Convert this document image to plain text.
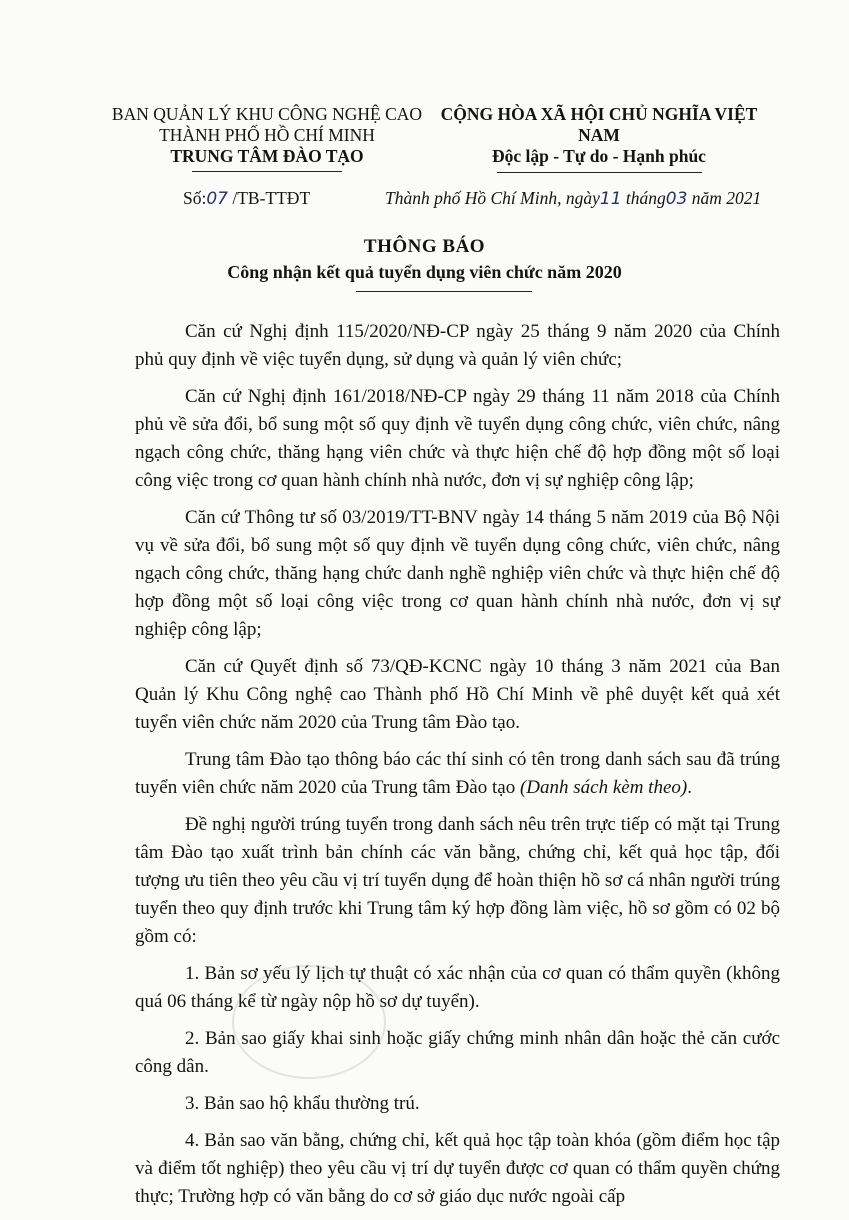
BAN QUẢN LÝ KHU CÔNG NGHỆ CAO
THÀNH PHỐ HỒ CHÍ MINH
TRUNG TÂM ĐÀO TẠO
CỘNG HÒA XÃ HỘI CHỦ NGHĨA VIỆT NAM
Độc lập - Tự do - Hạnh phúc
Số:07 /TB-TTĐT	Thành phố Hồ Chí Minh, ngày11 tháng03 năm 2021
THÔNG BÁO
Công nhận kết quả tuyển dụng viên chức năm 2020

Căn cứ Nghị định 115/2020/NĐ-CP ngày 25 tháng 9 năm 2020 của Chính phủ quy định về việc tuyển dụng, sử dụng và quản lý viên chức;

Căn cứ Nghị định 161/2018/NĐ-CP ngày 29 tháng 11 năm 2018 của Chính phủ về sửa đổi, bổ sung một số quy định về tuyển dụng công chức, viên chức, nâng ngạch công chức, thăng hạng viên chức và thực hiện chế độ hợp đồng một số loại công việc trong cơ quan hành chính nhà nước, đơn vị sự nghiệp công lập;

Căn cứ Thông tư số 03/2019/TT-BNV ngày 14 tháng 5 năm 2019 của Bộ Nội vụ về sửa đổi, bổ sung một số quy định về tuyển dụng công chức, viên chức, nâng ngạch công chức, thăng hạng chức danh nghề nghiệp viên chức và thực hiện chế độ hợp đồng một số loại công việc trong cơ quan hành chính nhà nước, đơn vị sự nghiệp công lập;

Căn cứ Quyết định số 73/QĐ-KCNC ngày 10 tháng 3 năm 2021 của Ban Quản lý Khu Công nghệ cao Thành phố Hồ Chí Minh về phê duyệt kết quả xét tuyển viên chức năm 2020 của Trung tâm Đào tạo.

Trung tâm Đào tạo thông báo các thí sinh có tên trong danh sách sau đã trúng tuyển viên chức năm 2020 của Trung tâm Đào tạo (Danh sách kèm theo).

Đề nghị người trúng tuyển trong danh sách nêu trên trực tiếp có mặt tại Trung tâm Đào tạo xuất trình bản chính các văn bằng, chứng chỉ, kết quả học tập, đối tượng ưu tiên theo yêu cầu vị trí tuyển dụng để hoàn thiện hồ sơ cá nhân người trúng tuyển theo quy định trước khi Trung tâm ký hợp đồng làm việc, hồ sơ gồm có 02 bộ gồm có:

1. Bản sơ yếu lý lịch tự thuật có xác nhận của cơ quan có thẩm quyền (không quá 06 tháng kể từ ngày nộp hồ sơ dự tuyển).

2. Bản sao giấy khai sinh hoặc giấy chứng minh nhân dân hoặc thẻ căn cước công dân.

3. Bản sao hộ khẩu thường trú.

4. Bản sao văn bằng, chứng chỉ, kết quả học tập toàn khóa (gồm điểm học tập và điểm tốt nghiệp) theo yêu cầu vị trí dự tuyển được cơ quan có thẩm quyền chứng thực; Trường hợp có văn bằng do cơ sở giáo dục nước ngoài cấp
